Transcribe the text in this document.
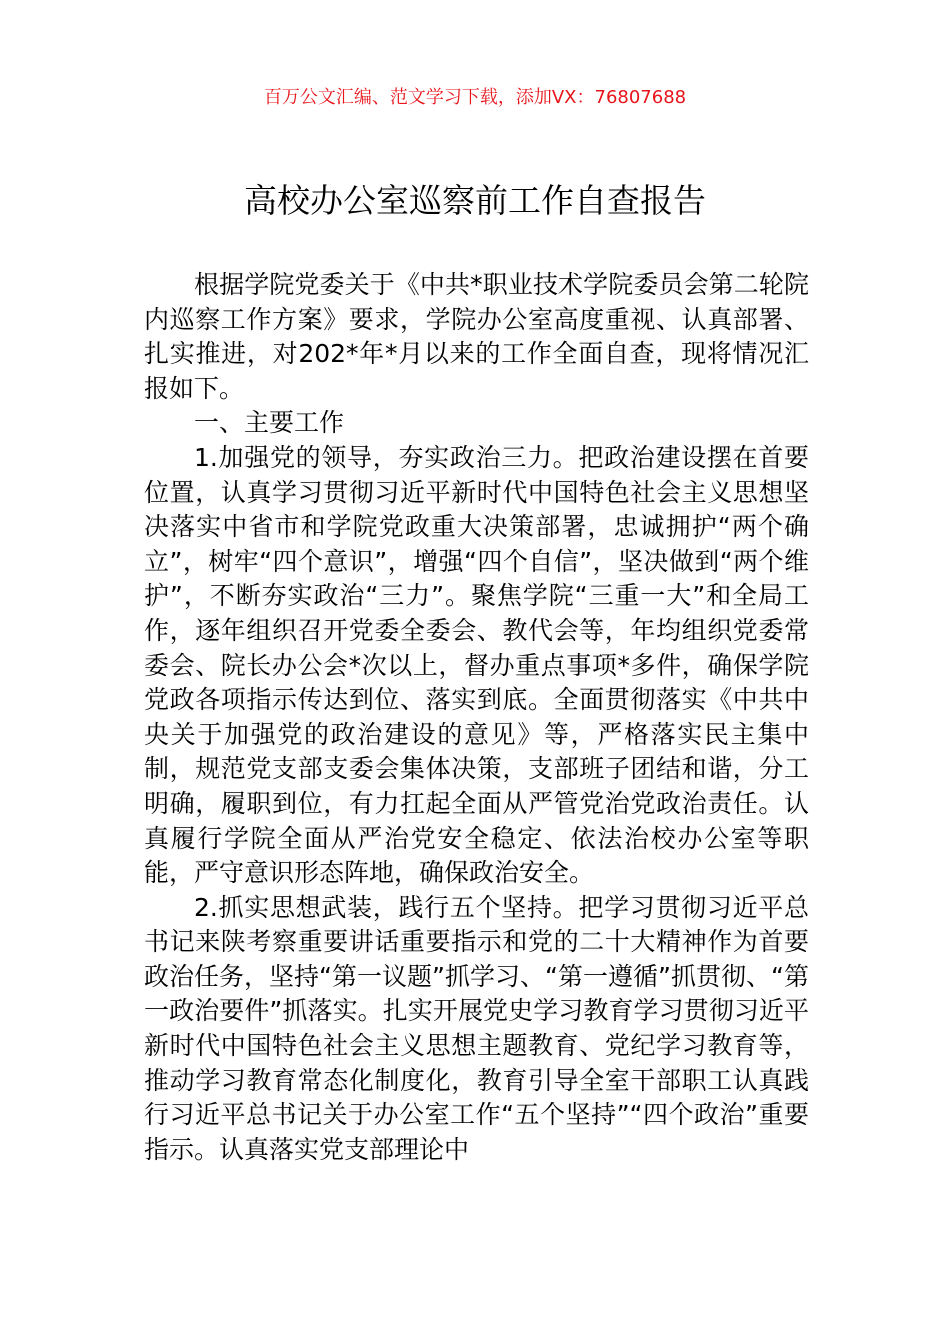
百万公文汇编、范文学习下载，添加VX：76807688
高校办公室巡察前工作自查报告

根据学院党委关于《中共*职业技术学院委员会第二轮院内巡察工作方案》要求，学院办公室高度重视、认真部署、扎实推进，对202*年*月以来的工作全面自查，现将情况汇报如下。

一、主要工作

1.加强党的领导，夯实政治三力。把政治建设摆在首要位置，认真学习贯彻习近平新时代中国特色社会主义思想坚决落实中省市和学院党政重大决策部署，忠诚拥护“两个确立”，树牢“四个意识”，增强“四个自信”，坚决做到“两个维护”，不断夯实政治“三力”。聚焦学院“三重一大”和全局工作，逐年组织召开党委全委会、教代会等，年均组织党委常委会、院长办公会*次以上，督办重点事项*多件，确保学院党政各项指示传达到位、落实到底。全面贯彻落实《中共中央关于加强党的政治建设的意见》等，严格落实民主集中制，规范党支部支委会集体决策，支部班子团结和谐，分工明确，履职到位，有力扛起全面从严管党治党政治责任。认真履行学院全面从严治党安全稳定、依法治校办公室等职能，严守意识形态阵地，确保政治安全。

2.抓实思想武装，践行五个坚持。把学习贯彻习近平总书记来陕考察重要讲话重要指示和党的二十大精神作为首要政治任务，坚持“第一议题”抓学习、“第一遵循”抓贯彻、“第一政治要件”抓落实。扎实开展党史学习教育学习贯彻习近平新时代中国特色社会主义思想主题教育、党纪学习教育等，推动学习教育常态化制度化，教育引导全室干部职工认真践行习近平总书记关于办公室工作“五个坚持”“四个政治”重要指示。认真落实党支部理论中
